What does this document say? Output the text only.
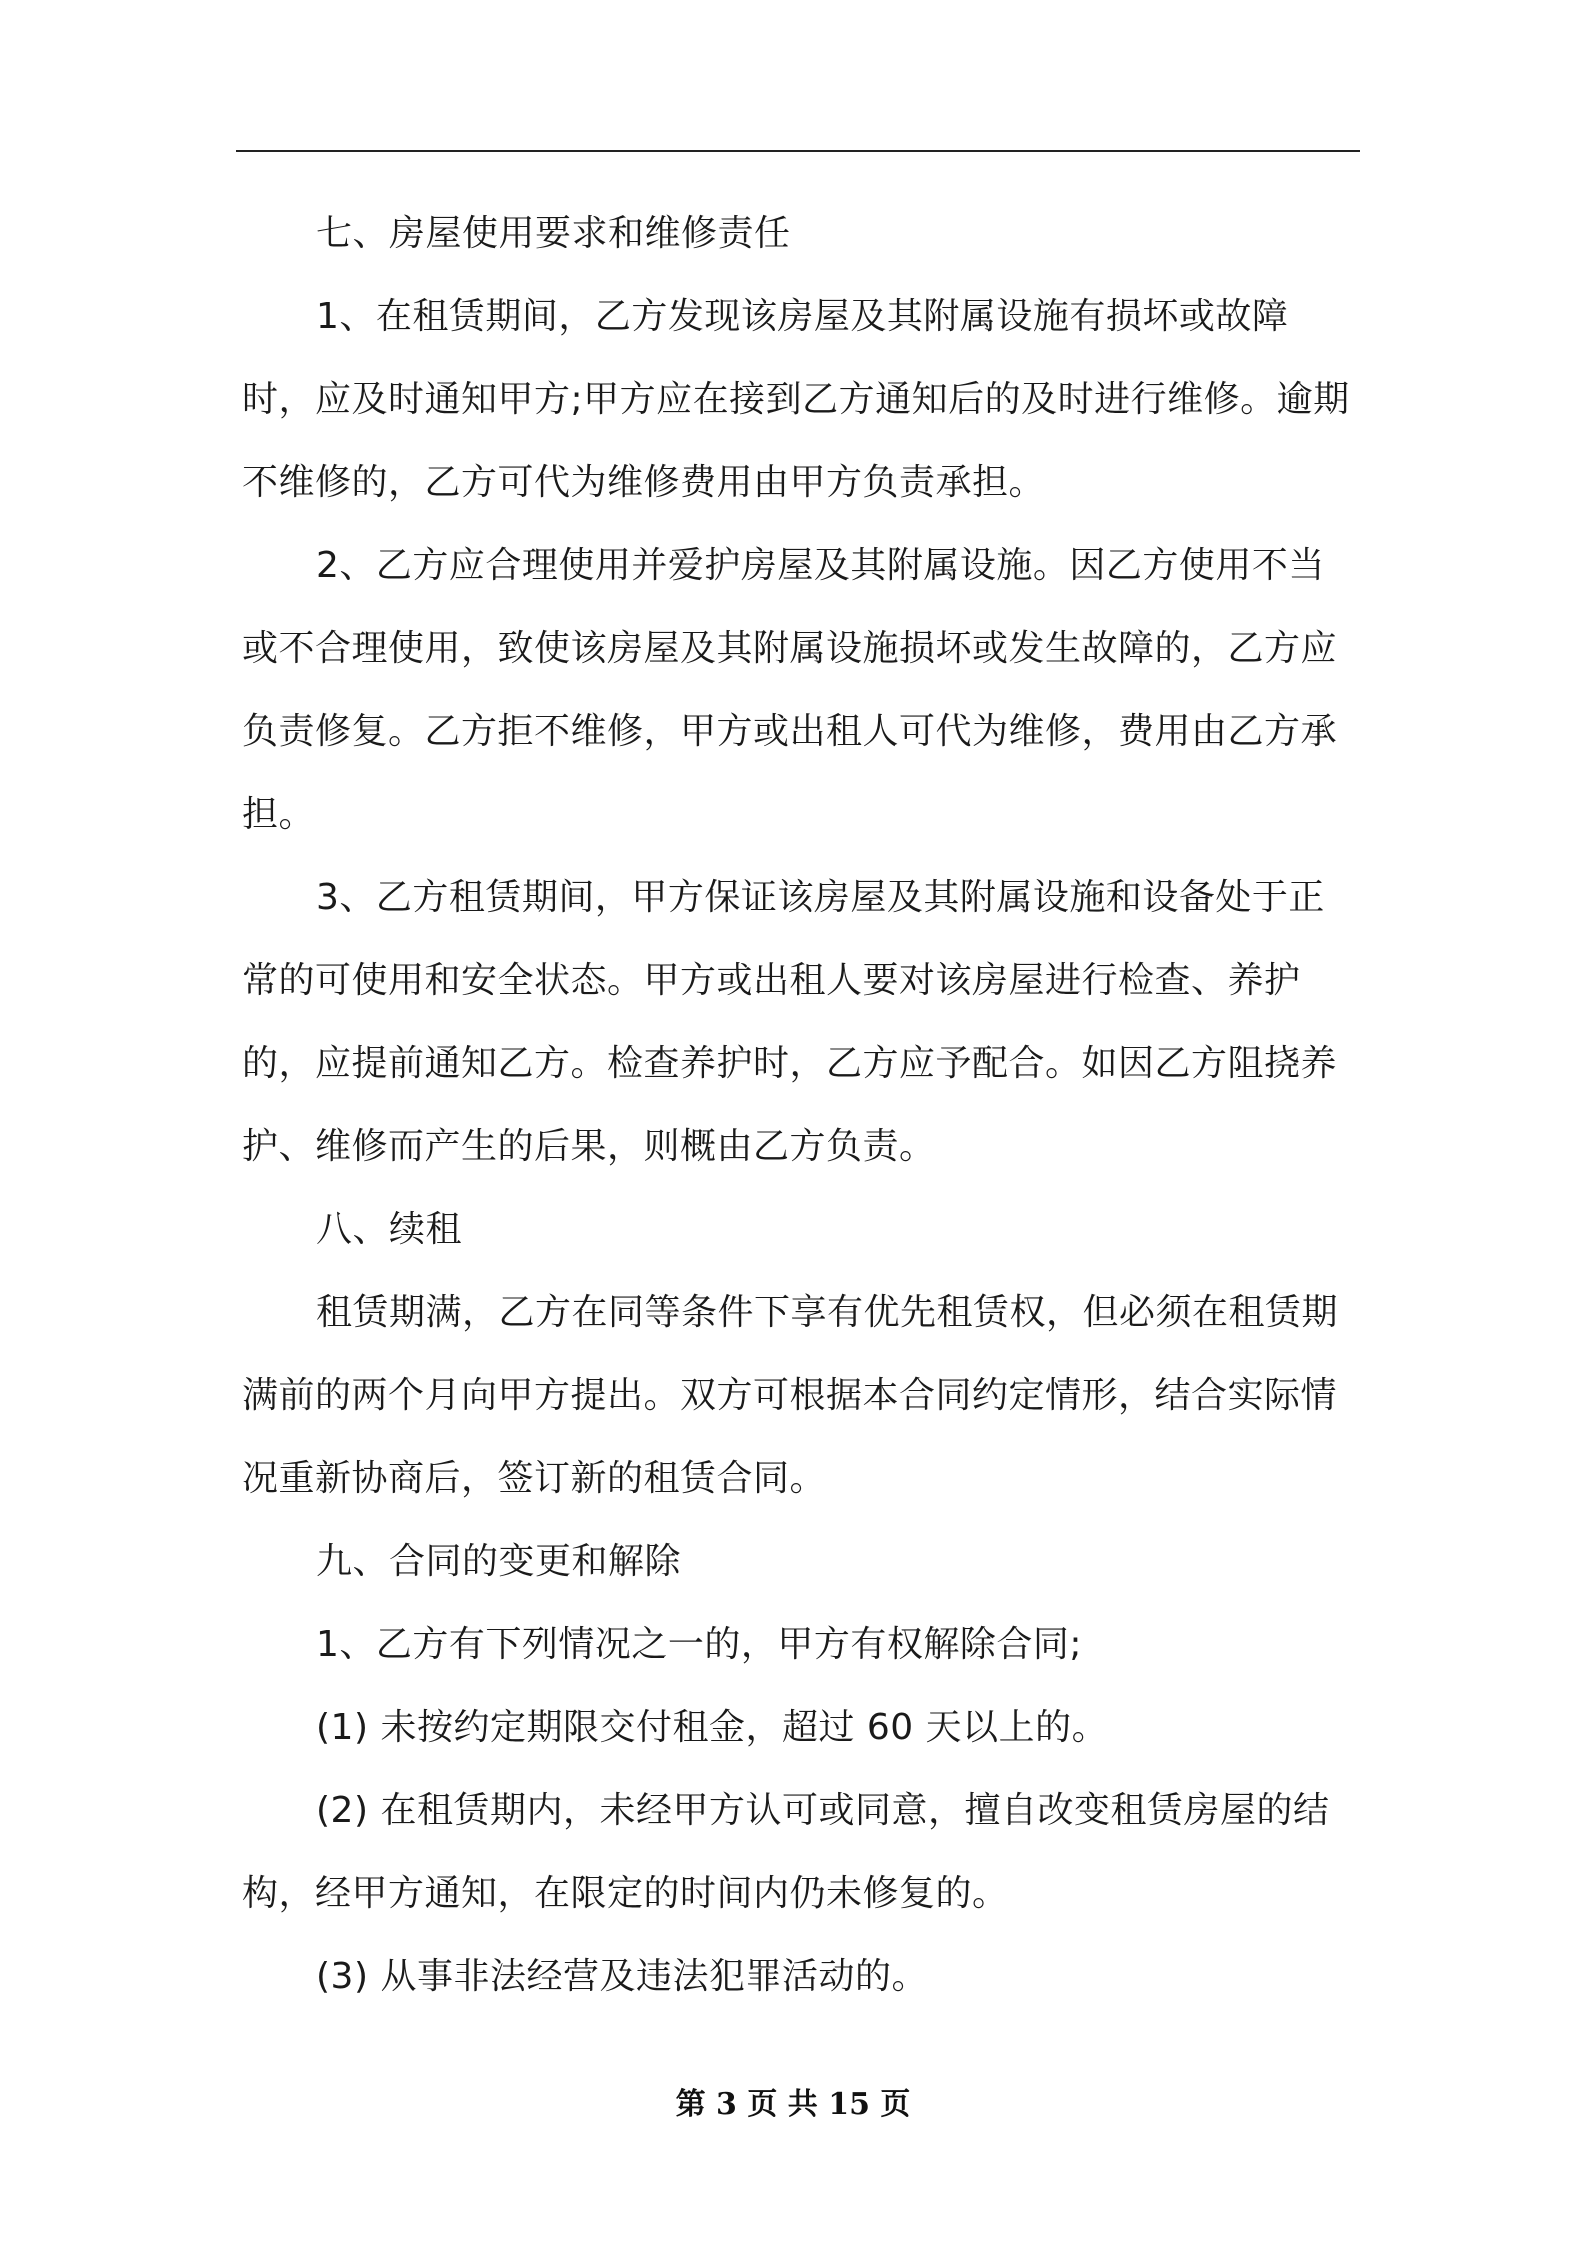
七、房屋使用要求和维修责任

1、在租赁期间，乙方发现该房屋及其附属设施有损坏或故障时，应及时通知甲方;甲方应在接到乙方通知后的及时进行维修。逾期不维修的，乙方可代为维修费用由甲方负责承担。

2、乙方应合理使用并爱护房屋及其附属设施。因乙方使用不当或不合理使用，致使该房屋及其附属设施损坏或发生故障的，乙方应负责修复。乙方拒不维修，甲方或出租人可代为维修，费用由乙方承担。

3、乙方租赁期间，甲方保证该房屋及其附属设施和设备处于正常的可使用和安全状态。甲方或出租人要对该房屋进行检查、养护的，应提前通知乙方。检查养护时，乙方应予配合。如因乙方阻挠养护、维修而产生的后果，则概由乙方负责。

八、续租

租赁期满，乙方在同等条件下享有优先租赁权，但必须在租赁期满前的两个月向甲方提出。双方可根据本合同约定情形，结合实际情况重新协商后，签订新的租赁合同。

九、合同的变更和解除

1、乙方有下列情况之一的，甲方有权解除合同;

(1) 未按约定期限交付租金，超过 60 天以上的。

(2) 在租赁期内，未经甲方认可或同意，擅自改变租赁房屋的结构，经甲方通知，在限定的时间内仍未修复的。

(3) 从事非法经营及违法犯罪活动的。

第 3 页 共 15 页
